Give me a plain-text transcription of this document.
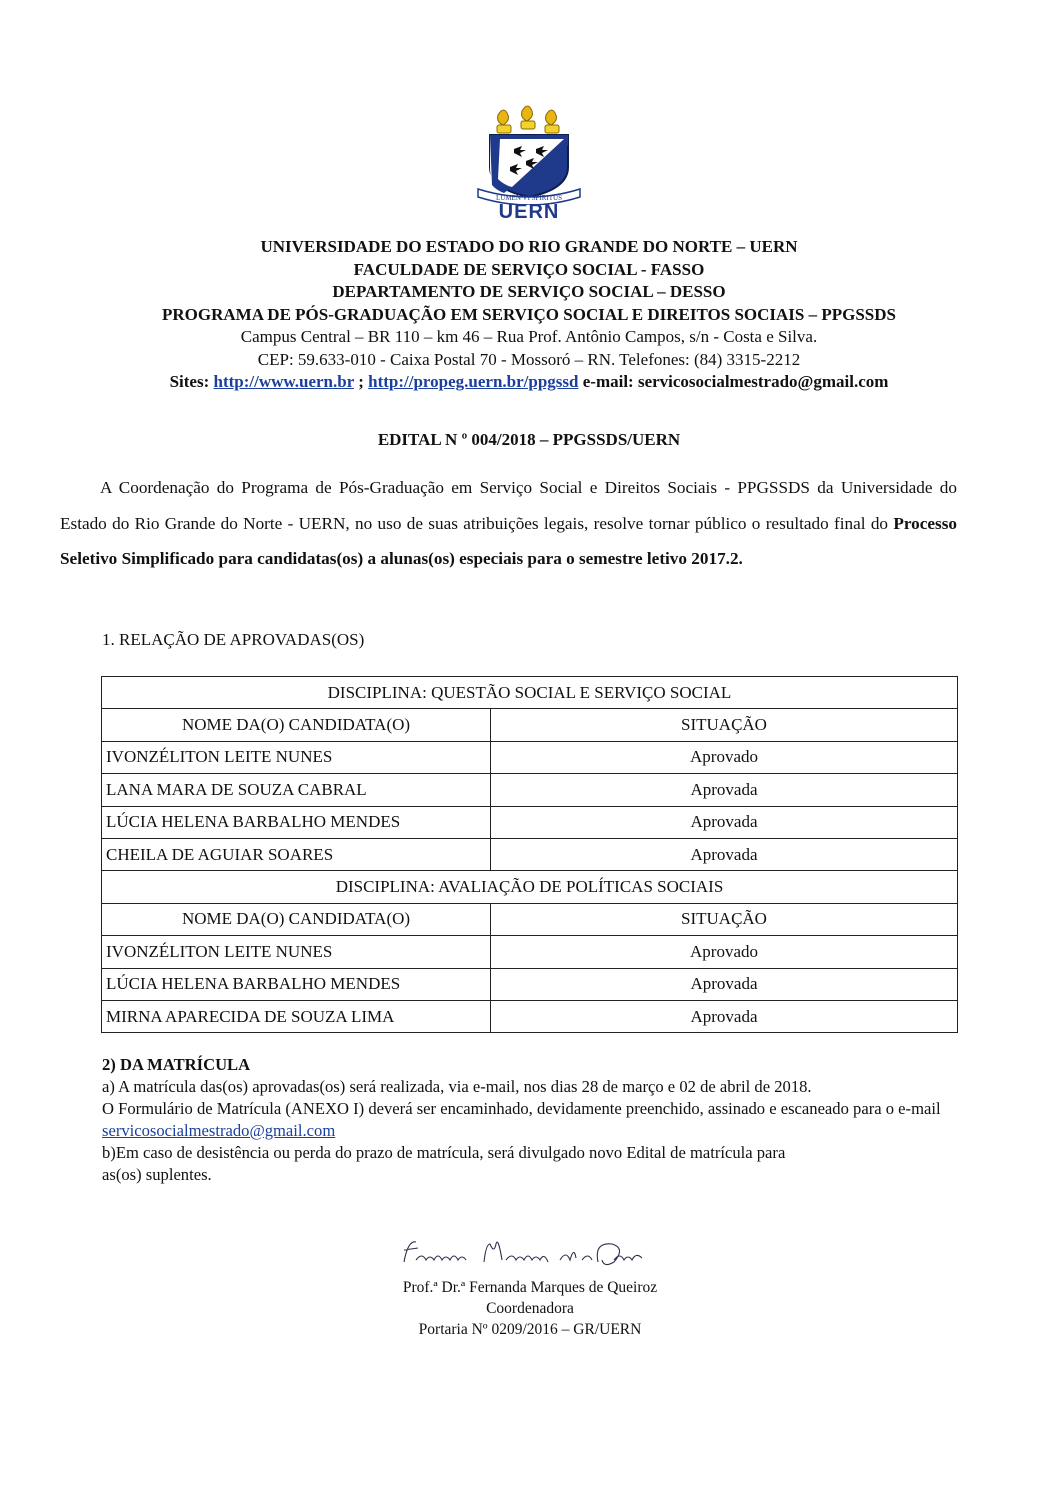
LUMEN VI SPIRITUS
UERN
UNIVERSIDADE DO ESTADO DO RIO GRANDE DO NORTE – UERN
FACULDADE DE SERVIÇO SOCIAL - FASSO
DEPARTAMENTO DE SERVIÇO SOCIAL – DESSO
PROGRAMA DE PÓS-GRADUAÇÃO EM SERVIÇO SOCIAL E DIREITOS SOCIAIS – PPGSSDS
Campus Central – BR 110 – km 46 – Rua Prof. Antônio Campos, s/n - Costa e Silva.
CEP: 59.633-010 - Caixa Postal 70 - Mossoró – RN. Telefones: (84) 3315-2212
Sites: http://www.uern.br ; http://propeg.uern.br/ppgssd e-mail: servicosocialmestrado@gmail.com
EDITAL N º 004/2018 – PPGSSDS/UERN
A Coordenação do Programa de Pós-Graduação em Serviço Social e Direitos Sociais - PPGSSDS da Universidade do Estado do Rio Grande do Norte - UERN, no uso de suas atribuições legais, resolve tornar público o resultado final do Processo Seletivo Simplificado para candidatas(os) a alunas(os) especiais para o semestre letivo 2017.2.
1. RELAÇÃO DE APROVADAS(OS)
DISCIPLINA: QUESTÃO SOCIAL E SERVIÇO SOCIAL	
NOME DA(O) CANDIDATA(O)	SITUAÇÃO
IVONZÉLITON LEITE NUNES	Aprovado
LANA MARA DE SOUZA CABRAL	Aprovada
LÚCIA HELENA BARBALHO MENDES	Aprovada
CHEILA DE AGUIAR SOARES	Aprovada
DISCIPLINA: AVALIAÇÃO DE POLÍTICAS SOCIAIS	
NOME DA(O) CANDIDATA(O)	SITUAÇÃO
IVONZÉLITON LEITE NUNES	Aprovado
LÚCIA HELENA BARBALHO MENDES	Aprovada
MIRNA APARECIDA DE SOUZA LIMA	Aprovada
2) DA MATRÍCULA
a) A matrícula das(os) aprovadas(os) será realizada, via e-mail, nos dias 28 de março e 02 de abril de 2018.
O Formulário de Matrícula (ANEXO I) deverá ser encaminhado, devidamente preenchido, assinado e escaneado para o e-mail servicosocialmestrado@gmail.com
b)Em caso de desistência ou perda do prazo de matrícula, será divulgado novo Edital de matrícula para
as(os) suplentes.
Prof.ª Dr.ª Fernanda Marques de Queiroz
Coordenadora
Portaria Nº 0209/2016 – GR/UERN
